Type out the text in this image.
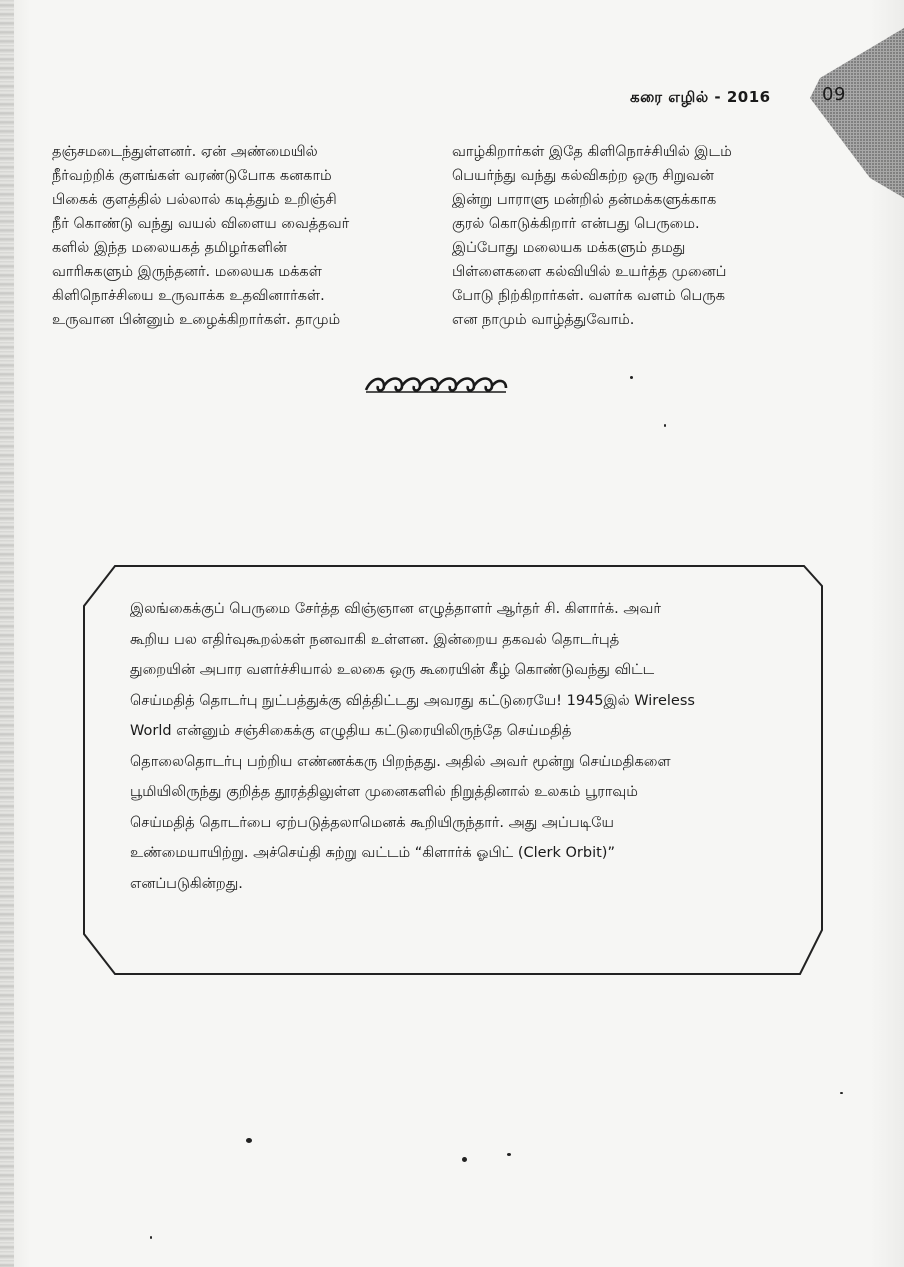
கரை எழில் - 2016	09

தஞ்சமடைந்துள்ளனர். ஏன் அண்மையில்

நீர்வற்றிக் குளங்கள் வரண்டுபோக கனகாம்

பிகைக் குளத்தில் பல்லால் கடித்தும் உறிஞ்சி

நீர் கொண்டு வந்து வயல் விளைய வைத்தவர்

களில் இந்த மலையகத் தமிழர்களின்

வாரிசுகளும் இருந்தனர். மலையக மக்கள்

கிளிநொச்சியை உருவாக்க உதவினார்கள்.

உருவான பின்னும் உழைக்கிறார்கள். தாமும்

வாழ்கிறார்கள் இதே கிளிநொச்சியில் இடம்

பெயர்ந்து வந்து கல்விகற்ற ஒரு சிறுவன்

இன்று பாராளு மன்றில் தன்மக்களுக்காக

குரல் கொடுக்கிறார் என்பது பெருமை.

இப்போது மலையக மக்களும் தமது

பிள்ளைகளை கல்வியில் உயர்த்த முனைப்

போடு நிற்கிறார்கள். வளர்க வளம் பெருக

என நாமும் வாழ்த்துவோம்.

இலங்கைக்குப் பெருமை சேர்த்த விஞ்ஞான எழுத்தாளர் ஆர்தர் சி. கிளார்க். அவர்

கூறிய பல எதிர்வுகூறல்கள் நனவாகி உள்ளன. இன்றைய தகவல் தொடர்புத்

துறையின் அபார வளர்ச்சியால் உலகை ஒரு கூரையின் கீழ் கொண்டுவந்து விட்ட

செய்மதித் தொடர்பு நுட்பத்துக்கு வித்திட்டது அவரது கட்டுரையே! 1945இல் Wireless

World என்னும் சஞ்சிகைக்கு எழுதிய கட்டுரையிலிருந்தே செய்மதித்

தொலைதொடர்பு பற்றிய எண்ணக்கரு பிறந்தது. அதில் அவர் மூன்று செய்மதிகளை

பூமியிலிருந்து குறித்த தூரத்திலுள்ள முனைகளில் நிறுத்தினால் உலகம் பூராவும்

செய்மதித் தொடர்பை ஏற்படுத்தலாமெனக் கூறியிருந்தார். அது அப்படியே

உண்மையாயிற்று. அச்செய்தி சுற்று வட்டம் “கிளார்க் ஓபிட் (Clerk Orbit)”

எனப்படுகின்றது.
